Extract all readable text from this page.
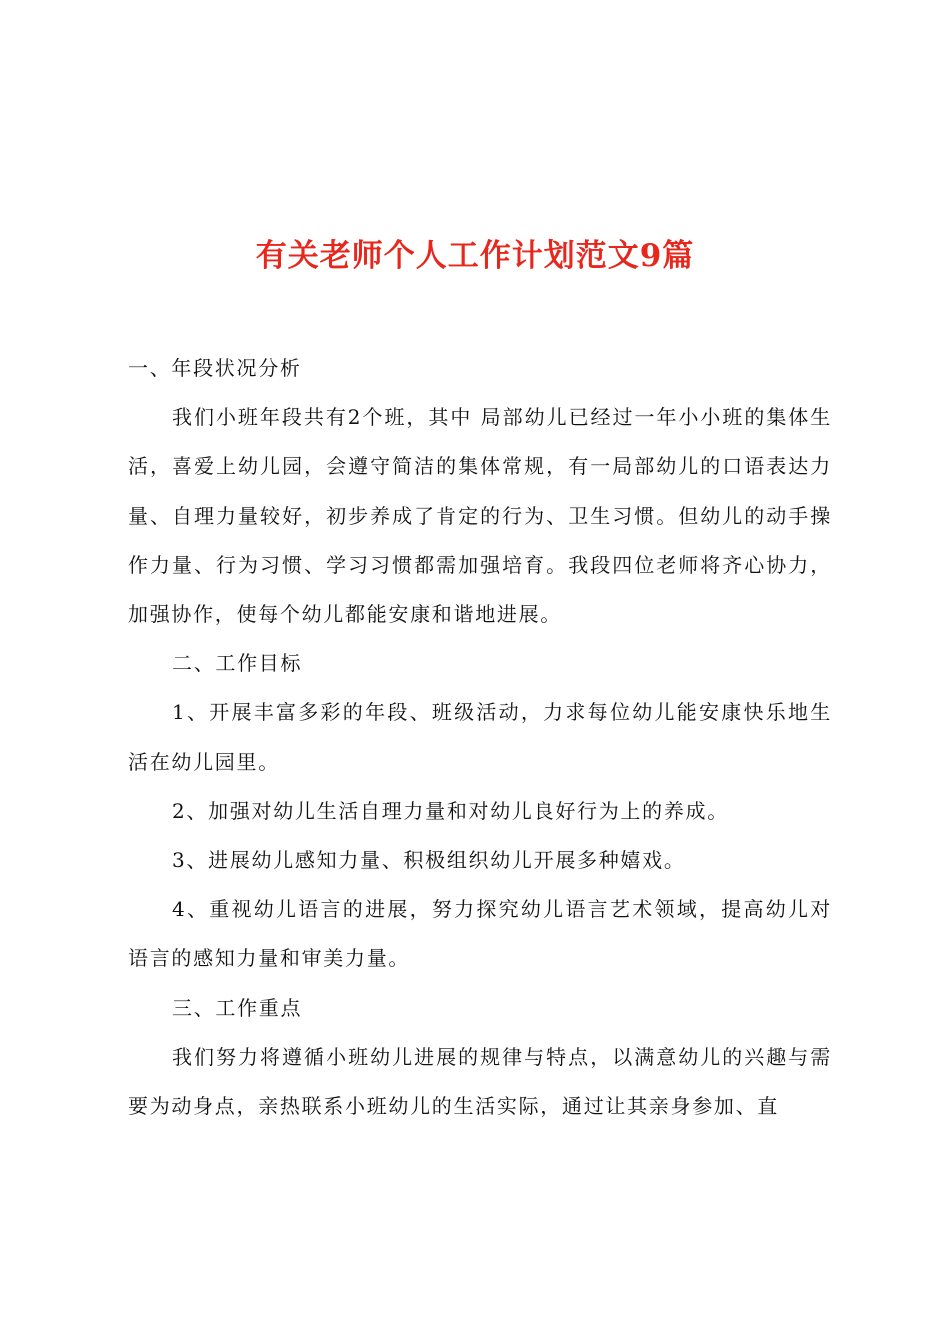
有关老师个人工作计划范文9篇

一、年段状况分析

我们小班年段共有2个班，其中 局部幼儿已经过一年小小班的集体生活，喜爱上幼儿园，会遵守简洁的集体常规，有一局部幼儿的口语表达力量、自理力量较好，初步养成了肯定的行为、卫生习惯。但幼儿的动手操作力量、行为习惯、学习习惯都需加强培育。我段四位老师将齐心协力，加强协作，使每个幼儿都能安康和谐地进展。

二、工作目标

1、开展丰富多彩的年段、班级活动，力求每位幼儿能安康快乐地生活在幼儿园里。

2、加强对幼儿生活自理力量和对幼儿良好行为上的养成。

3、进展幼儿感知力量、积极组织幼儿开展多种嬉戏。

4、重视幼儿语言的进展，努力探究幼儿语言艺术领域，提高幼儿对语言的感知力量和审美力量。

三、工作重点

我们努力将遵循小班幼儿进展的规律与特点，以满意幼儿的兴趣与需要为动身点，亲热联系小班幼儿的生活实际，通过让其亲身参加、直
